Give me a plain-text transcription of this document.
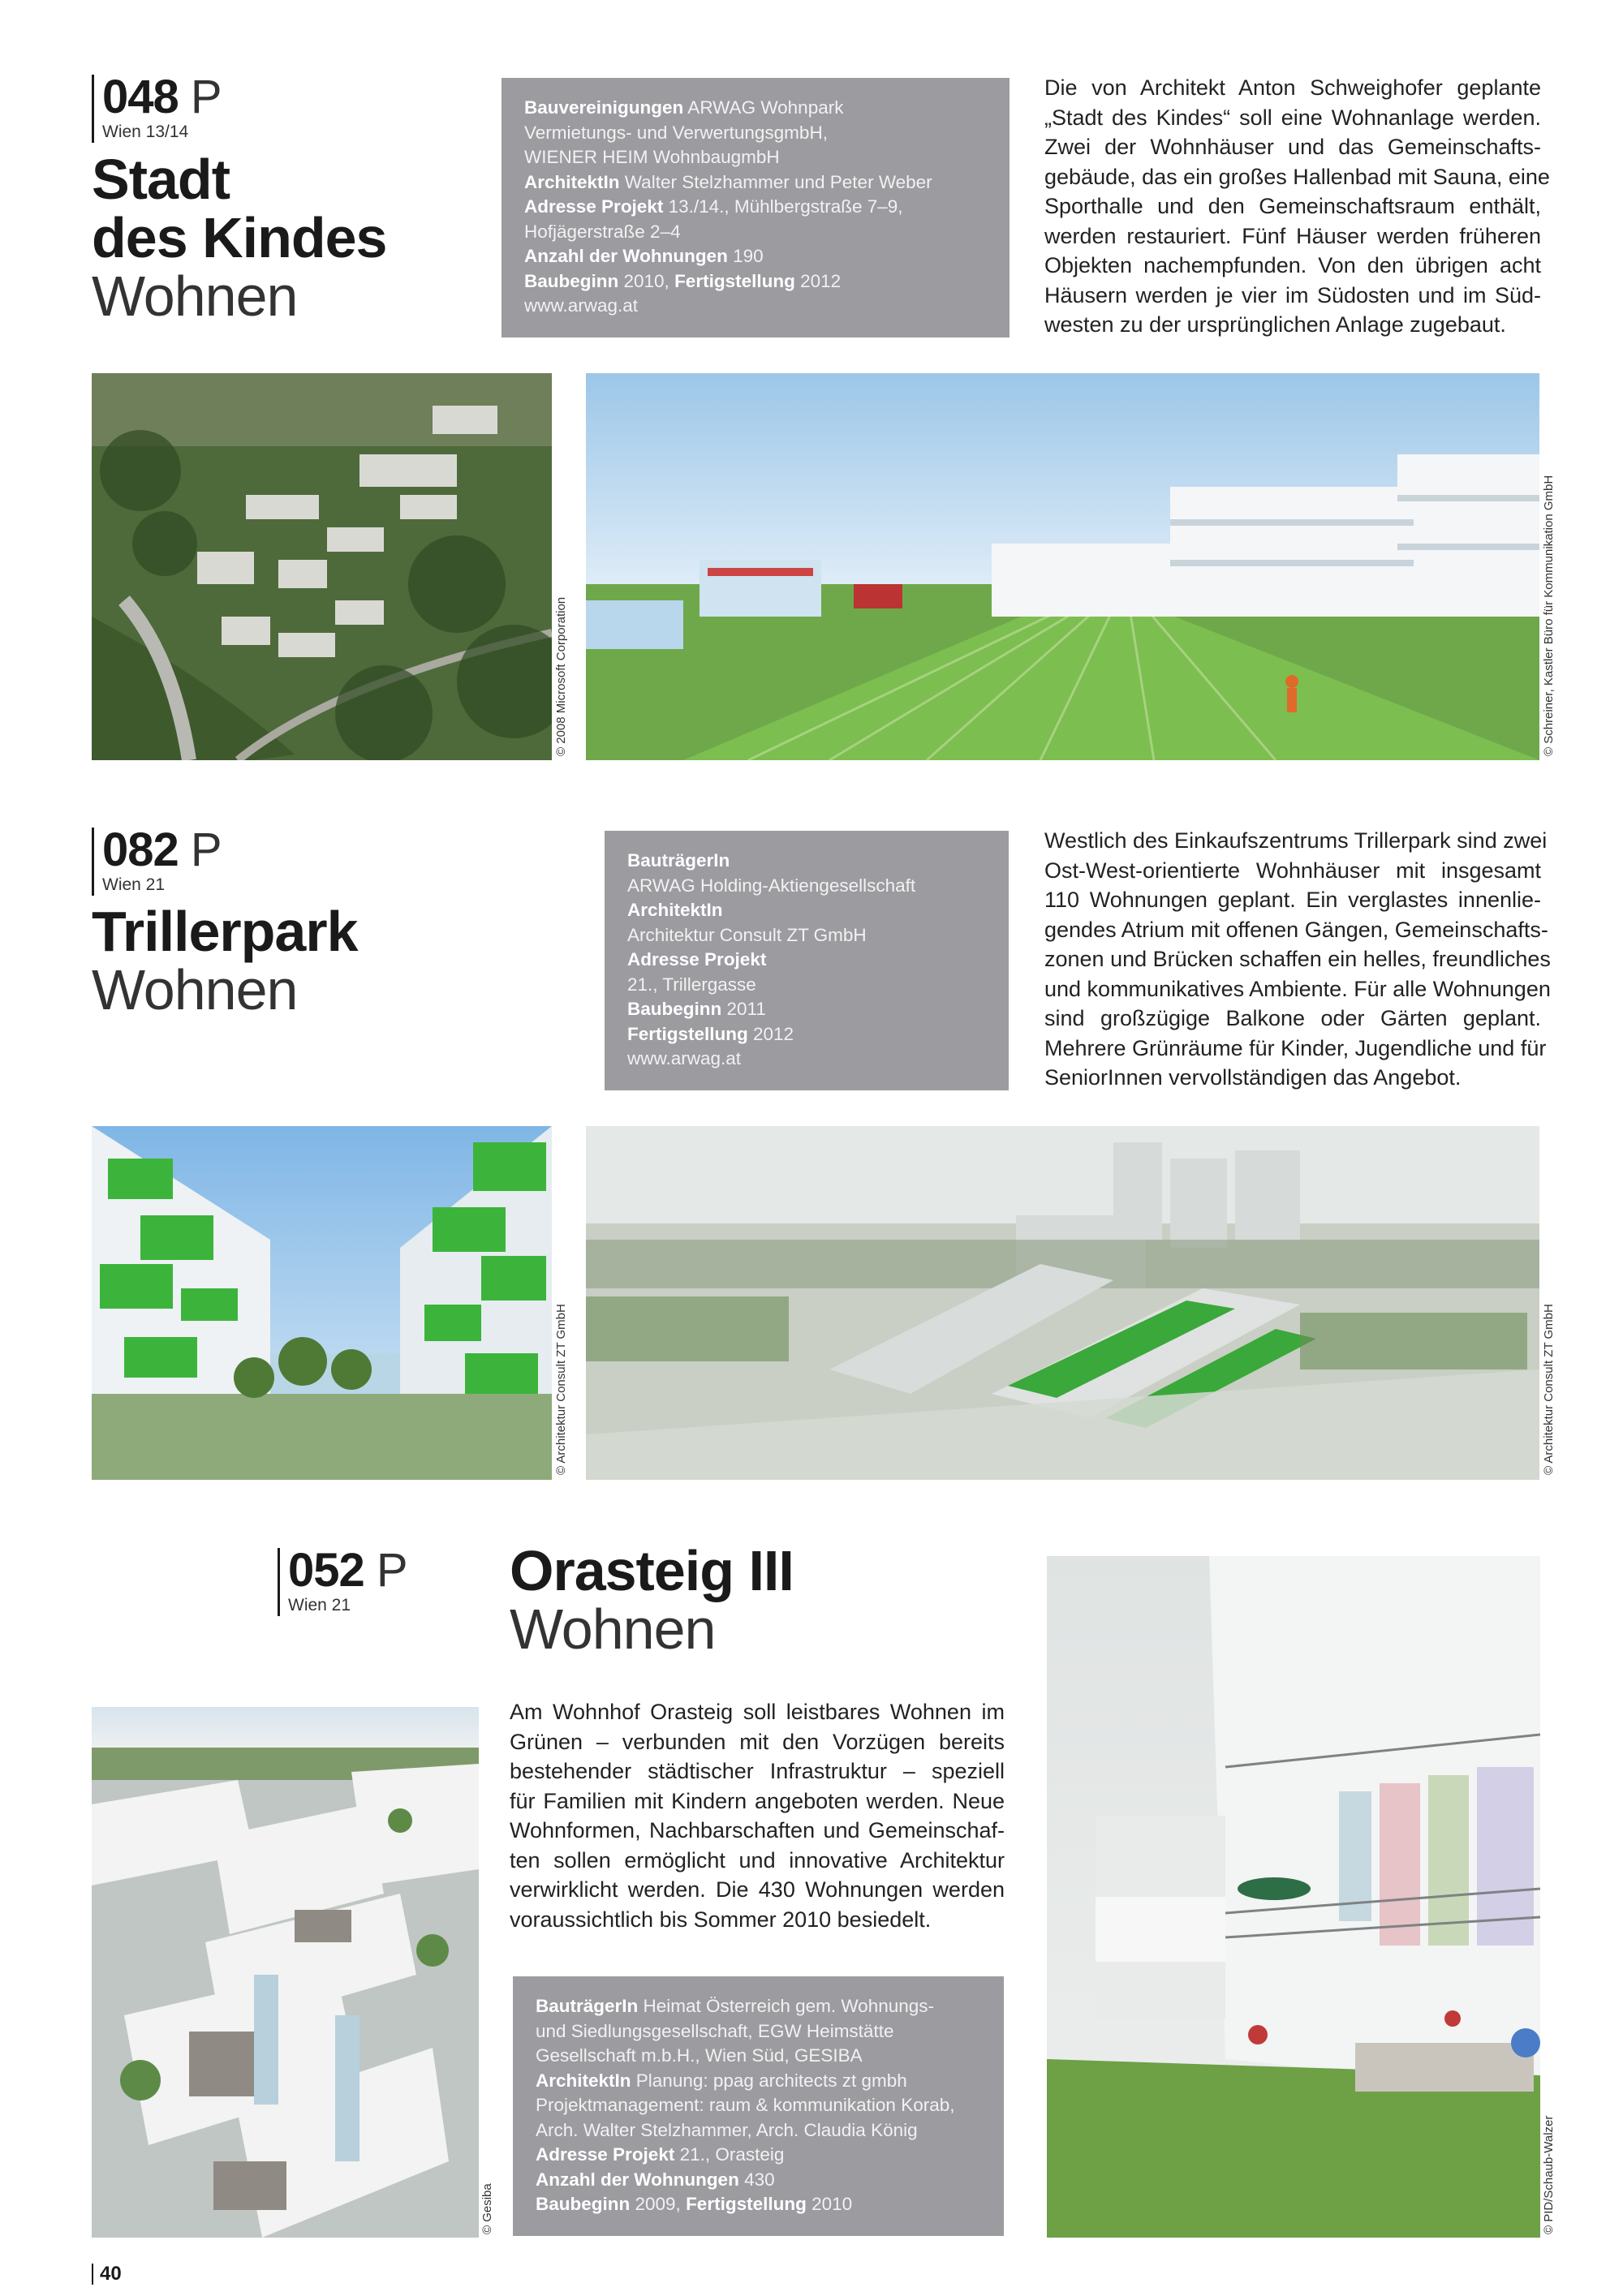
048 P
Wien 13/14
Stadt
des Kindes
Wohnen
Bauvereinigungen ARWAG Wohnpark
Vermietungs- und VerwertungsgmbH,
WIENER HEIM WohnbaugmbH
ArchitektIn Walter Stelzhammer und Peter Weber
Adresse Projekt 13./14., Mühlbergstraße 7–9,
Hofjägerstraße 2–4
Anzahl der Wohnungen 190
Baubeginn 2010, Fertigstellung 2012
www.arwag.at
Die von Architekt Anton Schweighofer geplante
„Stadt des Kindes“ soll eine Wohnanlage werden.
Zwei der Wohnhäuser und das Gemeinschafts-
gebäude, das ein großes Hallenbad mit Sauna, eine
Sporthalle und den Gemeinschaftsraum enthält,
werden restauriert. Fünf Häuser werden früheren
Objekten nachempfunden. Von den übrigen acht
Häusern werden je vier im Südosten und im Süd-
westen zu der ursprünglichen Anlage zugebaut.
© 2008 Microsoft Corporation	© Schreiner, Kastler Büro für Kommunikation GmbH
082 P
Wien 21
Trillerpark
Wohnen
BauträgerIn
ARWAG Holding-Aktiengesellschaft
ArchitektIn
Architektur Consult ZT GmbH
Adresse Projekt
21., Trillergasse
Baubeginn 2011
Fertigstellung 2012
www.arwag.at
Westlich des Einkaufszentrums Trillerpark sind zwei
Ost-West-orientierte Wohnhäuser mit insgesamt
110 Wohnungen geplant. Ein verglastes innenlie-
gendes Atrium mit offenen Gängen, Gemeinschafts-
zonen und Brücken schaffen ein helles, freundliches
und kommunikatives Ambiente. Für alle Wohnungen
sind großzügige Balkone oder Gärten geplant.
Mehrere Grünräume für Kinder, Jugendliche und für
SeniorInnen vervollständigen das Angebot.
© Architektur Consult ZT GmbH	© Architektur Consult ZT GmbH
052 P
Wien 21
Orasteig III
Wohnen
Am Wohnhof Orasteig soll leistbares Wohnen im
Grünen – verbunden mit den Vorzügen bereits
bestehender städtischer Infrastruktur – speziell
für Familien mit Kindern angeboten werden. Neue
Wohnformen, Nachbarschaften und Gemeinschaf-
ten sollen ermöglicht und innovative Architektur
verwirklicht werden. Die 430 Wohnungen werden
voraussichtlich bis Sommer 2010 besiedelt.
BauträgerIn Heimat Österreich gem. Wohnungs-
und Siedlungsgesellschaft, EGW Heimstätte
Gesellschaft m.b.H., Wien Süd, GESIBA
ArchitektIn Planung: ppag architects zt gmbh
Projektmanagement: raum & kommunikation Korab,
Arch. Walter Stelzhammer, Arch. Claudia König
Adresse Projekt 21., Orasteig
Anzahl der Wohnungen 430
Baubeginn 2009, Fertigstellung 2010
© Gesiba	© PID/Schaub-Walzer
40
